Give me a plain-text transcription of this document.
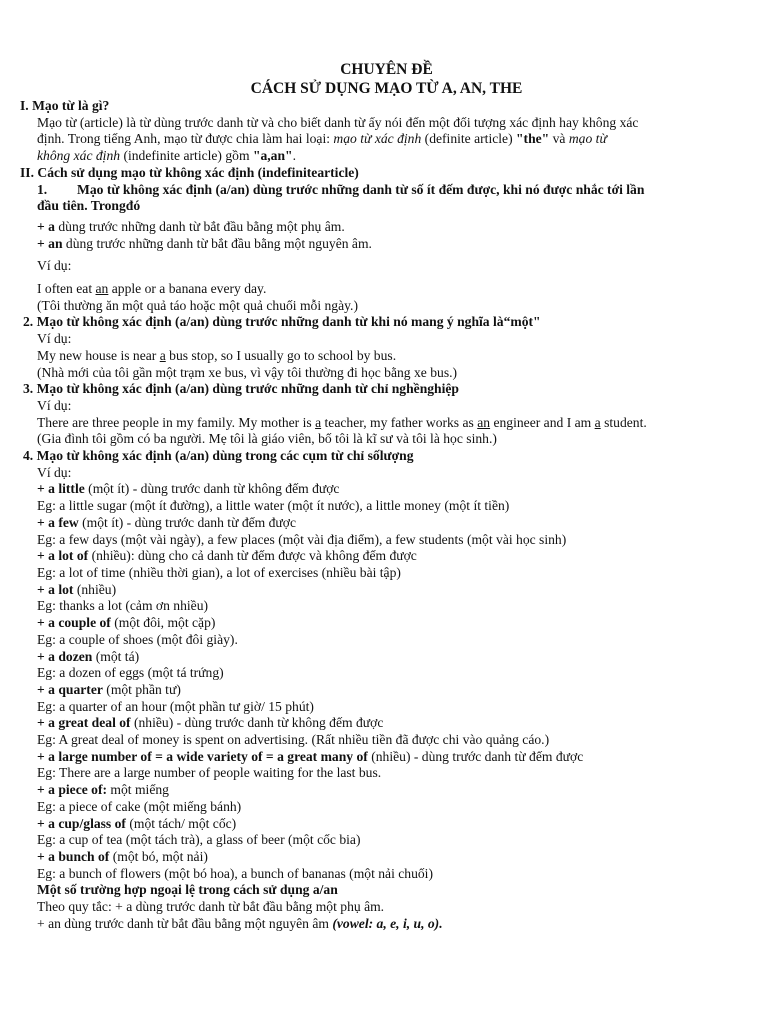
CHUYÊN ĐỀ
CÁCH SỬ DỤNG MẠO TỪ A, AN, THE
I. Mạo từ là gì?
Mạo từ (article) là từ dùng trước danh từ và cho biết danh từ ấy nói đến một đối tượng xác định hay không xác
định. Trong tiếng Anh, mạo từ được chia làm hai loại: mạo từ xác định (definite article) "the" và mạo từ
không xác định (indefinite article) gồm "a,an".
II. Cách sử dụng mạo từ không xác định (indefinitearticle)
1. Mạo từ không xác định (a/an) dùng trước những danh từ số ít đếm được, khi nó được nhắc tới lần
đầu tiên. Trongđó
+ a dùng trước những danh từ bắt đầu bằng một phụ âm.
+ an dùng trước những danh từ bắt đầu bằng một nguyên âm.
Ví dụ:
I often eat an apple or a banana every day.
(Tôi thường ăn một quả táo hoặc một quả chuối mỗi ngày.)
2. Mạo từ không xác định (a/an) dùng trước những danh từ khi nó mang ý nghĩa là“một"
Ví dụ:
My new house is near a bus stop, so I usually go to school by bus.
(Nhà mới của tôi gần một trạm xe bus, vì vậy tôi thường đi học bằng xe bus.)
3. Mạo từ không xác định (a/an) dùng trước những danh từ chỉ nghềnghiệp
Ví dụ:
There are three people in my family. My mother is a teacher, my father works as an engineer and I am a student.
(Gia đình tôi gồm có ba người. Mẹ tôi là giáo viên, bố tôi là kĩ sư và tôi là học sinh.)
4. Mạo từ không xác định (a/an) dùng trong các cụm từ chỉ sốlượng
Ví dụ:
+ a little (một ít) - dùng trước danh từ không đếm được
Eg: a little sugar (một ít đường), a little water (một ít nước), a little money (một ít tiền)
+ a few (một ít) - dùng trước danh từ đếm được
Eg: a few days (một vài ngày), a few places (một vài địa điểm), a few students (một vài học sinh)
+ a lot of (nhiều): dùng cho cả danh từ đếm được và không đếm được
Eg: a lot of time (nhiều thời gian), a lot of exercises (nhiều bài tập)
+ a lot (nhiều)
Eg: thanks a lot (cảm ơn nhiều)
+ a couple of (một đôi, một cặp)
Eg: a couple of shoes (một đôi giày).
+ a dozen (một tá)
Eg: a dozen of eggs (một tá trứng)
+ a quarter (một phần tư)
Eg: a quarter of an hour (một phần tư giờ/ 15 phút)
+ a great deal of (nhiều) - dùng trước danh từ không đếm được
Eg: A great deal of money is spent on advertising. (Rất nhiều tiền đã được chi vào quảng cáo.)
+ a large number of = a wide variety of = a great many of (nhiều) - dùng trước danh từ đếm được
Eg: There are a large number of people waiting for the last bus.
+ a piece of: một miếng
Eg: a piece of cake (một miếng bánh)
+ a cup/glass of (một tách/ một cốc)
Eg: a cup of tea (một tách trà), a glass of beer (một cốc bia)
+ a bunch of (một bó, một nải)
Eg: a bunch of flowers (một bó hoa), a bunch of bananas (một nải chuối)
Một số trường hợp ngoại lệ trong cách sử dụng a/an
Theo quy tắc: + a dùng trước danh từ bắt đầu bằng một phụ âm.
+ an dùng trước danh từ bắt đầu bằng một nguyên âm (vowel: a, e, i, u, o).
